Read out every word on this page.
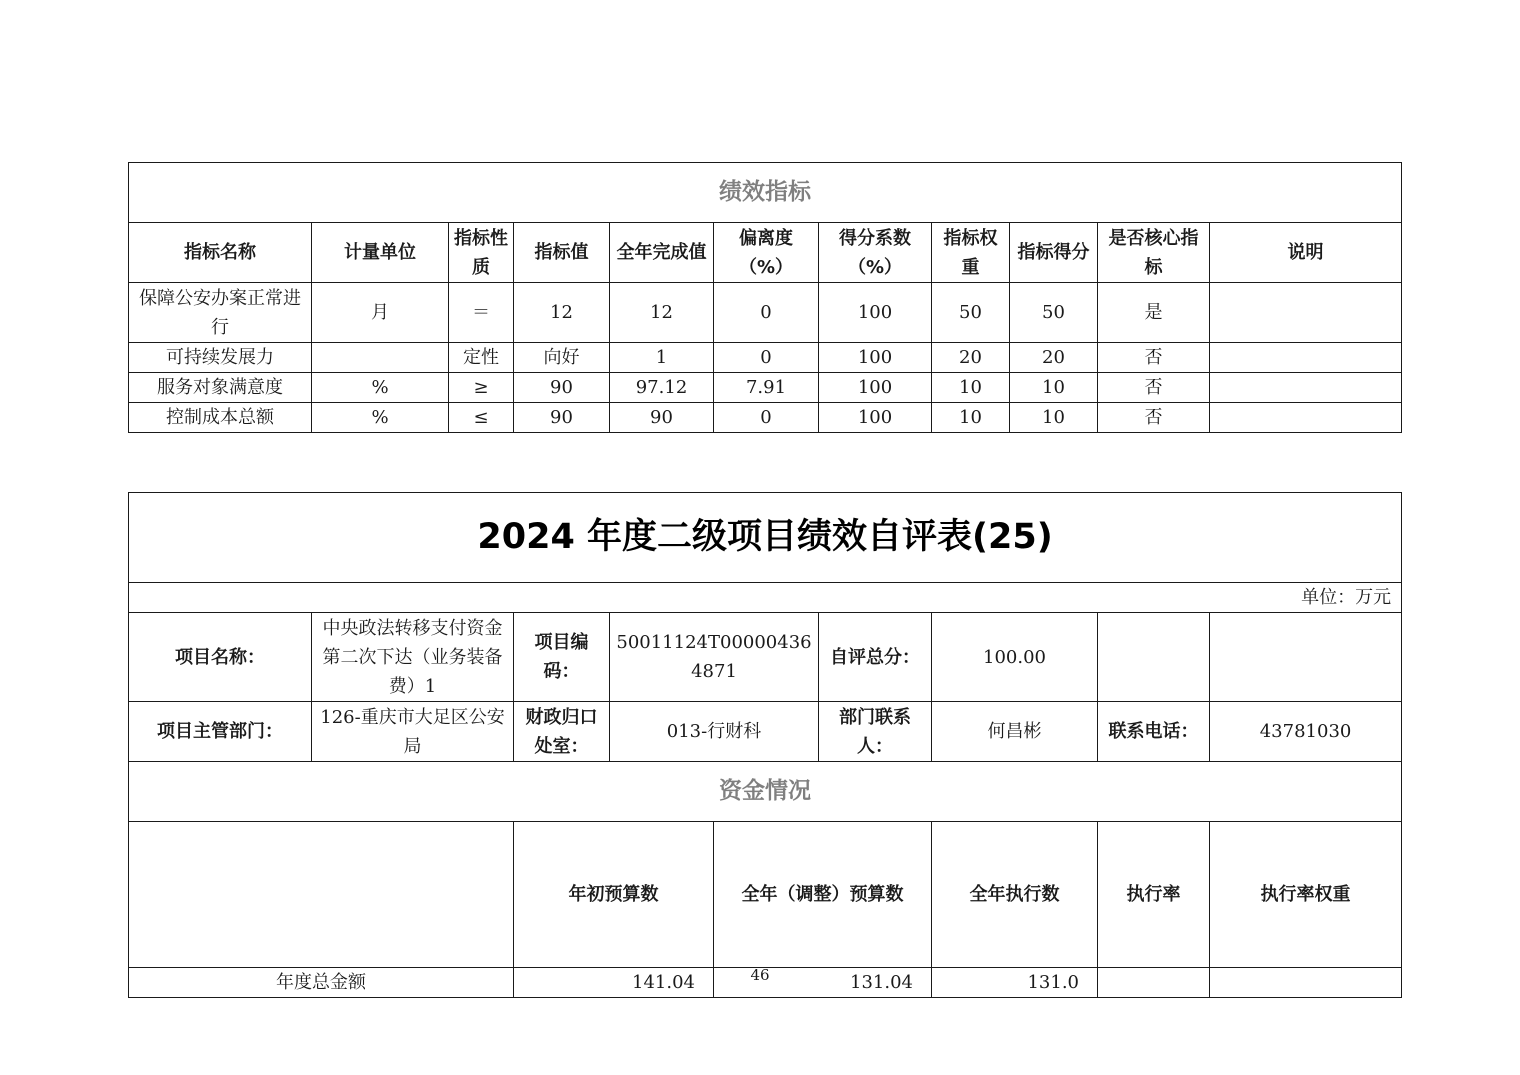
绩效指标										
指标名称	计量单位	指标性质	指标值	全年完成值	偏离度（%）	得分系数（%）	指标权重	指标得分	是否核心指标	说明
保障公安办案正常进行	月	＝	12	12	0	100	50	50	是	
可持续发展力		定性	向好	1	0	100	20	20	否	
服务对象满意度	%	≥	90	97.12	7.91	100	10	10	否	
控制成本总额	%	≤	90	90	0	100	10	10	否	
2024 年度二级项目绩效自评表(25)									
单位：万元									
项目名称：	中央政法转移支付资金第二次下达（业务装备费）1	项目编码：	50011124T000004364871		自评总分：	100.00			
项目主管部门：	126-重庆市大足区公安局	财政归口处室：	013-行财科		部门联系人：	何昌彬	联系电话：	43781030	
资金情况									
		年初预算数		全年（调整）预算数		全年执行数	执行率	执行率权重	
年度总金额		141.04		131.04		131.0			
46
